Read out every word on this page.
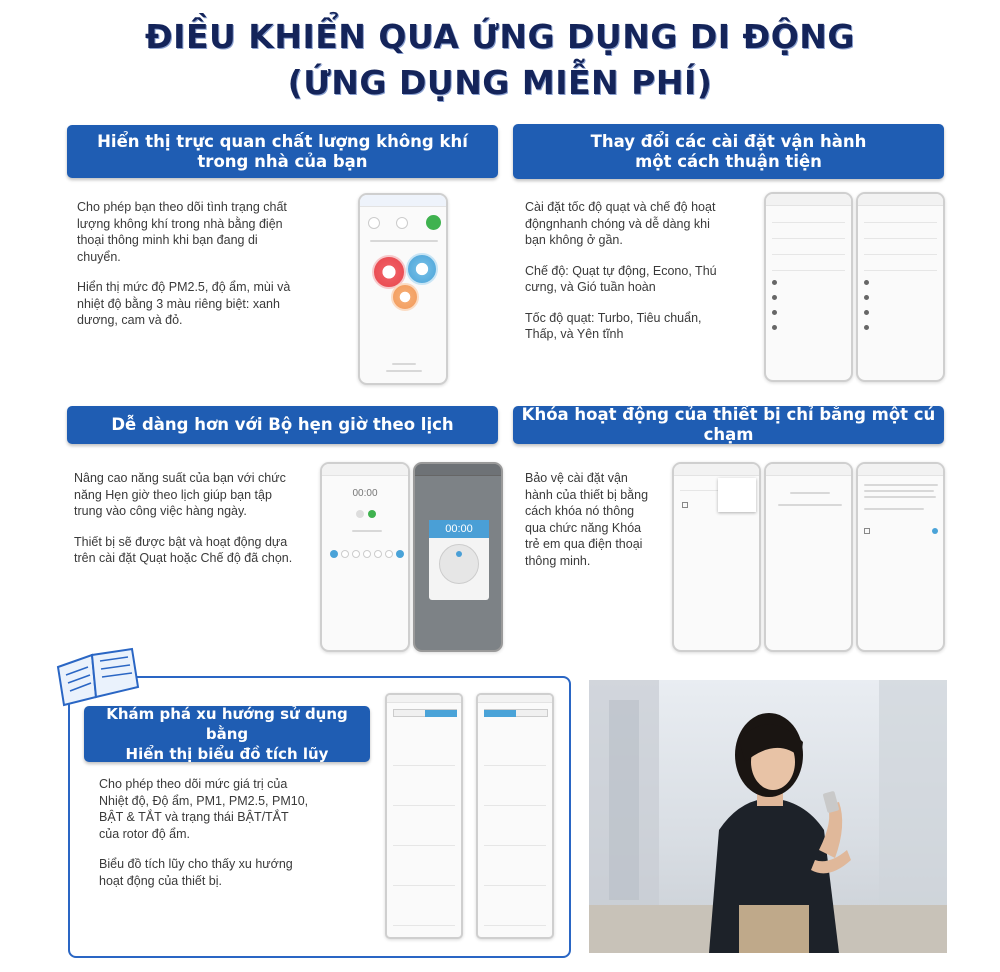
ĐIỀU KHIỂN QUA ỨNG DỤNG DI ĐỘNG
(ỨNG DỤNG MIỄN PHÍ)
Hiển thị trực quan chất lượng không khí
trong nhà của bạn

Cho phép bạn theo dõi tình trạng chất lượng không khí trong nhà bằng điện thoại thông minh khi bạn đang di chuyển.

Hiển thị mức độ PM2.5, độ ẩm, mùi và nhiệt độ bằng 3 màu riêng biệt: xanh dương, cam và đỏ.

Thay đổi các cài đặt vận hành
một cách thuận tiện

Cài đặt tốc độ quạt và chế độ hoạt độngnhanh chóng và dễ dàng khi bạn không ở gần.

Chế độ: Quạt tự động, Econo, Thú cưng, và Gió tuần hoàn

Tốc độ quạt: Turbo, Tiêu chuẩn, Thấp, và Yên tĩnh

Dễ dàng hơn với Bộ hẹn giờ theo lịch

Nâng cao năng suất của bạn với chức năng Hẹn giờ theo lịch giúp bạn tập trung vào công việc hàng ngày.

Thiết bị sẽ được bật và hoạt động dựa trên cài đặt Quạt hoặc Chế độ đã chọn.

00:00
00:00
Khóa hoạt động của thiết bị chỉ bằng một cú chạm

Bảo vệ cài đặt vận hành của thiết bị bằng cách khóa nó thông qua chức năng Khóa trẻ em qua điện thoại thông minh.

Khám phá xu hướng sử dụng bằng
Hiển thị biểu đồ tích lũy

Cho phép theo dõi mức giá trị của Nhiệt độ, Độ ẩm, PM1, PM2.5, PM10, BẬT & TẮT và trạng thái BẬT/TẮT của rotor độ ẩm.

Biểu đồ tích lũy cho thấy xu hướng hoạt động của thiết bị.
